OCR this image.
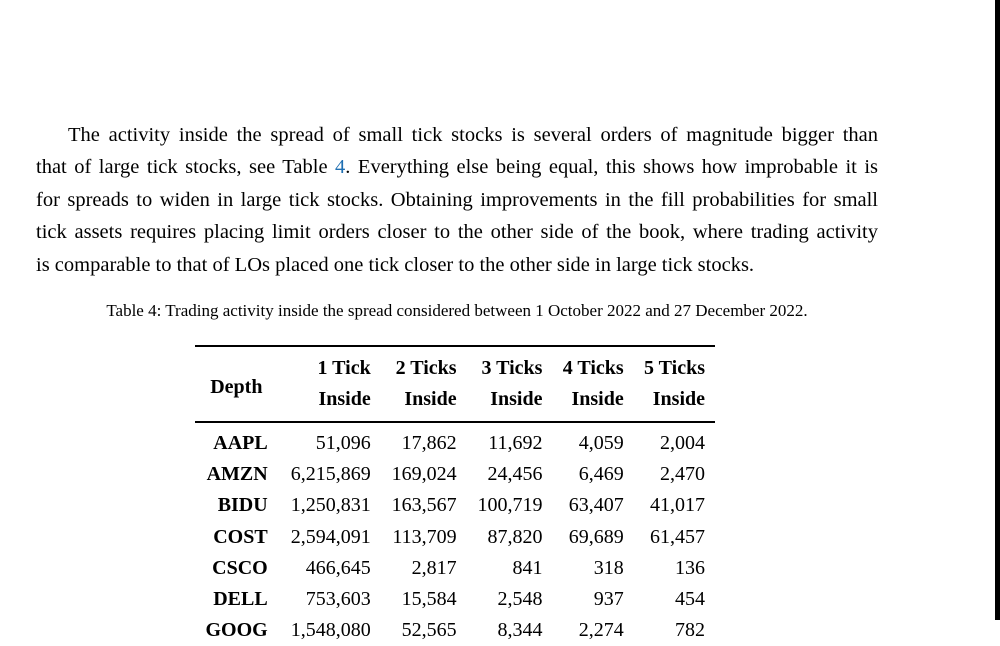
The activity inside the spread of small tick stocks is several orders of magnitude bigger than
that of large tick stocks, see Table 4. Everything else being equal, this shows how improbable it is
for spreads to widen in large tick stocks. Obtaining improvements in the fill probabilities for small
tick assets requires placing limit orders closer to the other side of the book, where trading activity
is comparable to that of LOs placed one tick closer to the other side in large tick stocks.
Table 4: Trading activity inside the spread considered between 1 October 2022 and 27 December 2022.
Depth	1 Tick	2 Ticks	3 Ticks	4 Ticks	5 Ticks
	Inside	Inside	Inside	Inside	Inside
AAPL	51,096	17,862	11,692	4,059	2,004
AMZN	6,215,869	169,024	24,456	6,469	2,470
BIDU	1,250,831	163,567	100,719	63,407	41,017
COST	2,594,091	113,709	87,820	69,689	61,457
CSCO	466,645	2,817	841	318	136
DELL	753,603	15,584	2,548	937	454
GOOG	1,548,080	52,565	8,344	2,274	782
